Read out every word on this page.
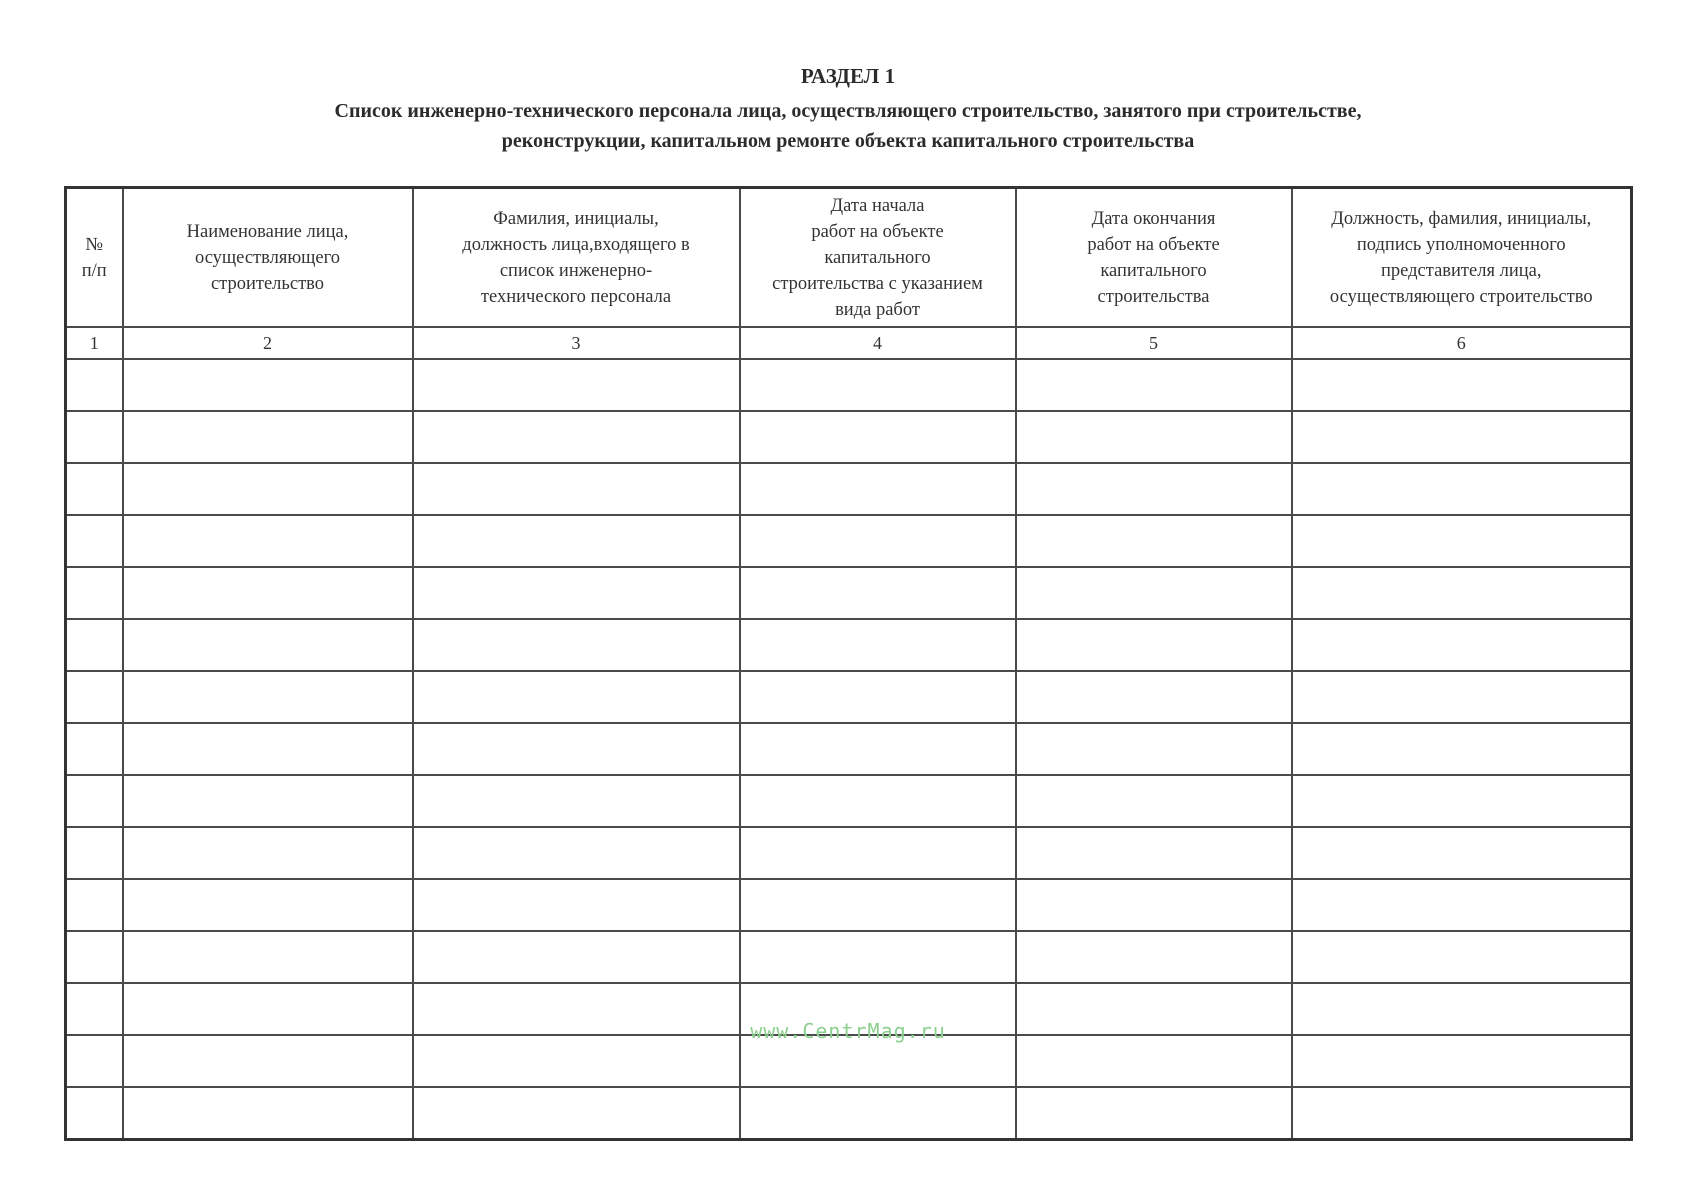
РАЗДЕЛ 1
Список инженерно-технического персонала лица, осуществляющего строительство, занятого при строительстве,
реконструкции, капитальном ремонте объекта капитального строительства
№
п/п	Наименование лица,
осуществляющего
строительство	Фамилия, инициалы,
должность лица,входящего в
список инженерно-
технического персонала	Дата начала
работ на объекте
капитального
строительства с указанием
вида работ	Дата окончания
работ на объекте
капитального
строительства	Должность, фамилия, инициалы,
подпись уполномоченного
представителя лица,
осуществляющего строительство
1	2	3	4	5	6

www.CentrMag.ru
